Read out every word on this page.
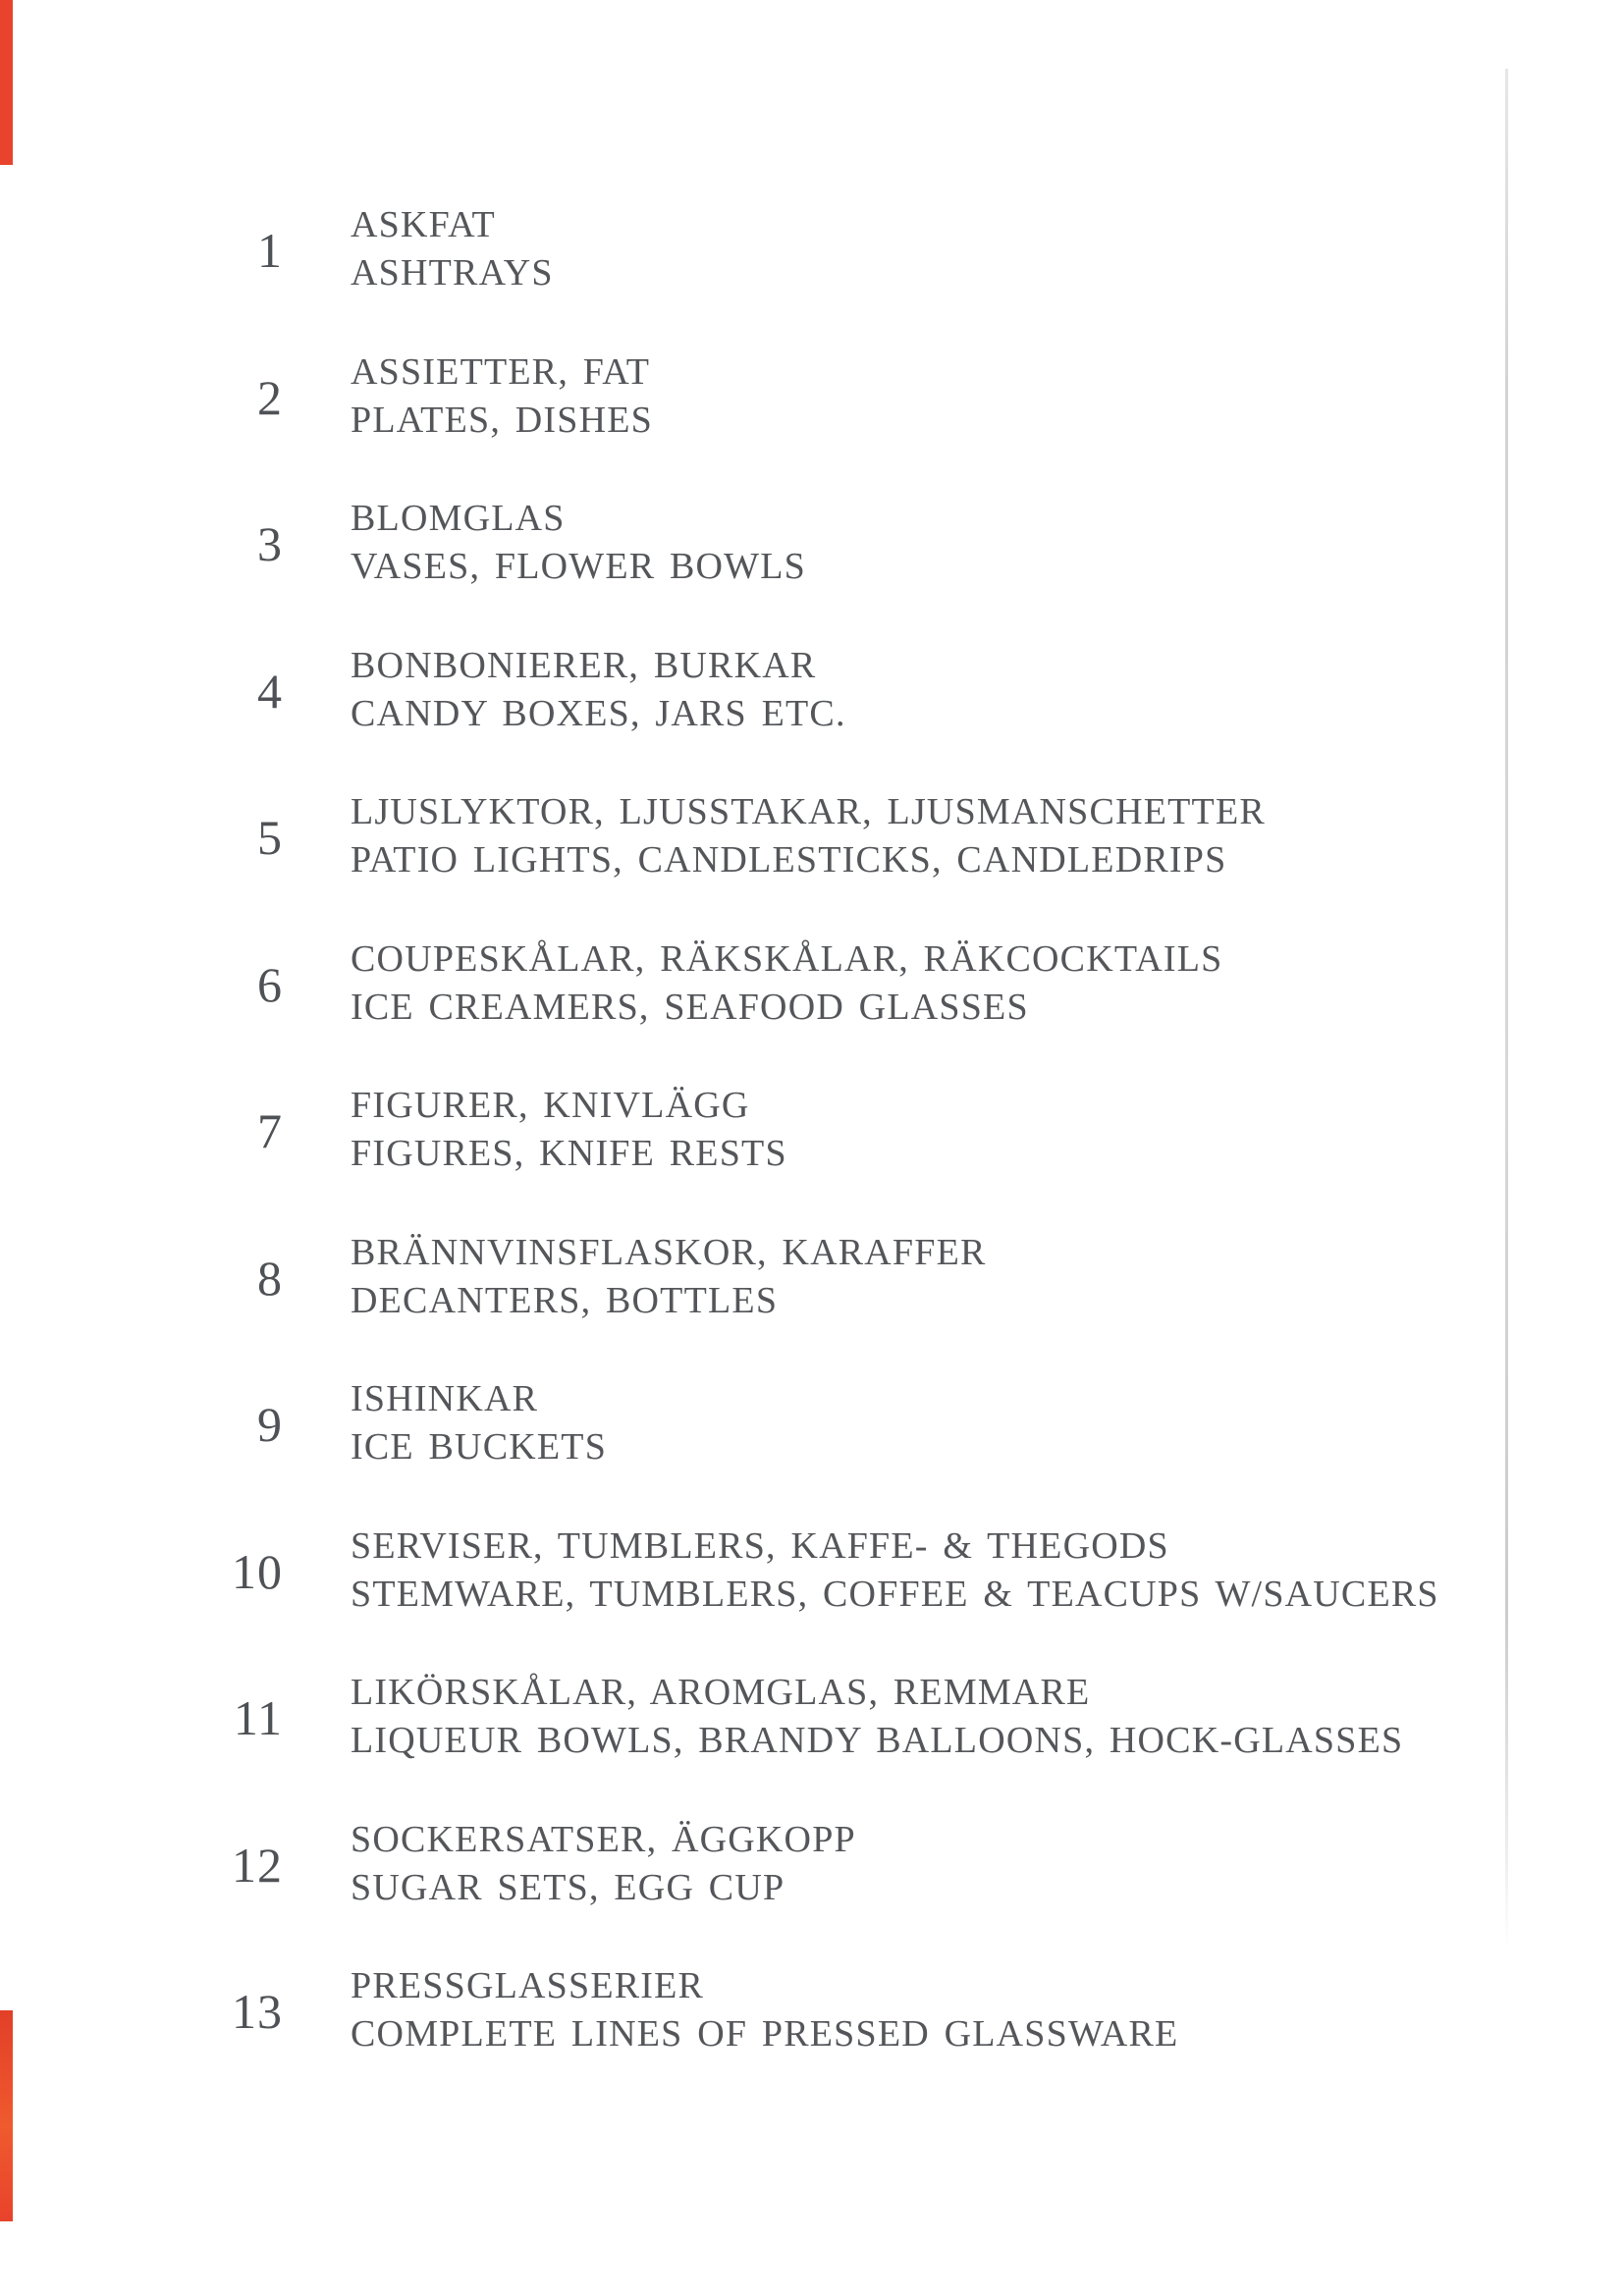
1 ASKFAT
ASHTRAYS
2 ASSIETTER, FAT
PLATES, DISHES
3 BLOMGLAS
VASES, FLOWER BOWLS
4 BONBONIERER, BURKAR
CANDY BOXES, JARS ETC.
5 LJUSLYKTOR, LJUSSTAKAR, LJUSMANSCHETTER
PATIO LIGHTS, CANDLESTICKS, CANDLEDRIPS
6 COUPESKÅLAR, RÄKSKÅLAR, RÄKCOCKTAILS
ICE CREAMERS, SEAFOOD GLASSES
7 FIGURER, KNIVLÄGG
FIGURES, KNIFE RESTS
8 BRÄNNVINSFLASKOR, KARAFFER
DECANTERS, BOTTLES
9 ISHINKAR
ICE BUCKETS
10 SERVISER, TUMBLERS, KAFFE- & THEGODS
STEMWARE, TUMBLERS, COFFEE & TEACUPS W/SAUCERS
11 LIKÖRSKÅLAR, AROMGLAS, REMMARE
LIQUEUR BOWLS, BRANDY BALLOONS, HOCK-GLASSES
12 SOCKERSATSER, ÄGGKOPP
SUGAR SETS, EGG CUP
13 PRESSGLASSERIER
COMPLETE LINES OF PRESSED GLASSWARE
